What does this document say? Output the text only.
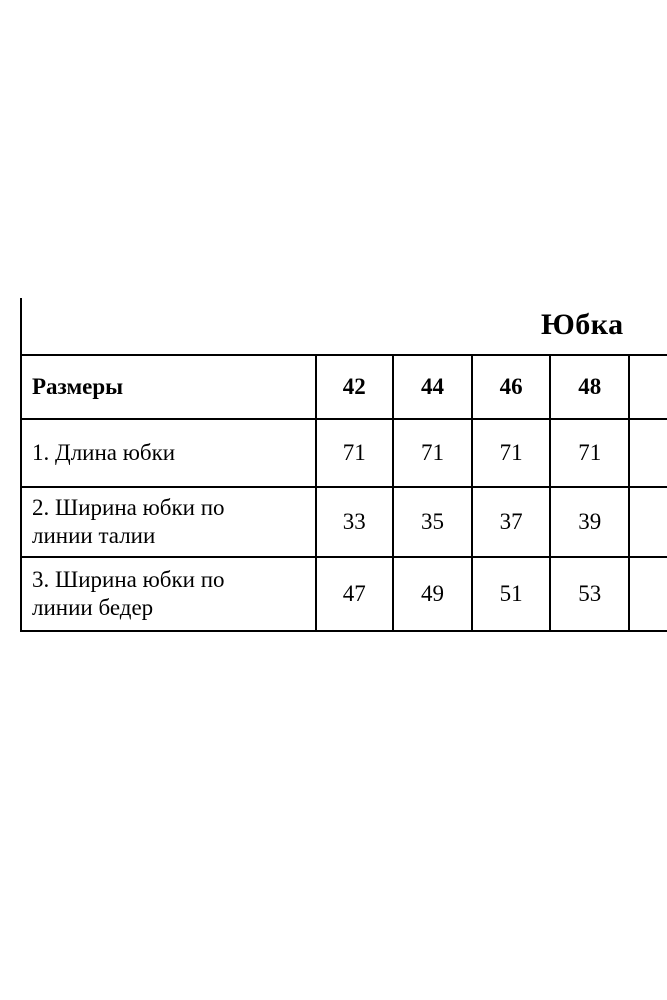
Юбка
Размеры	42	44	46	48	

1. Длина юбки	71	71	71	71	

2. Ширина юбки по
линии талии	33	35	37	39	

3. Ширина юбки по
линии бедер	47	49	51	53	
